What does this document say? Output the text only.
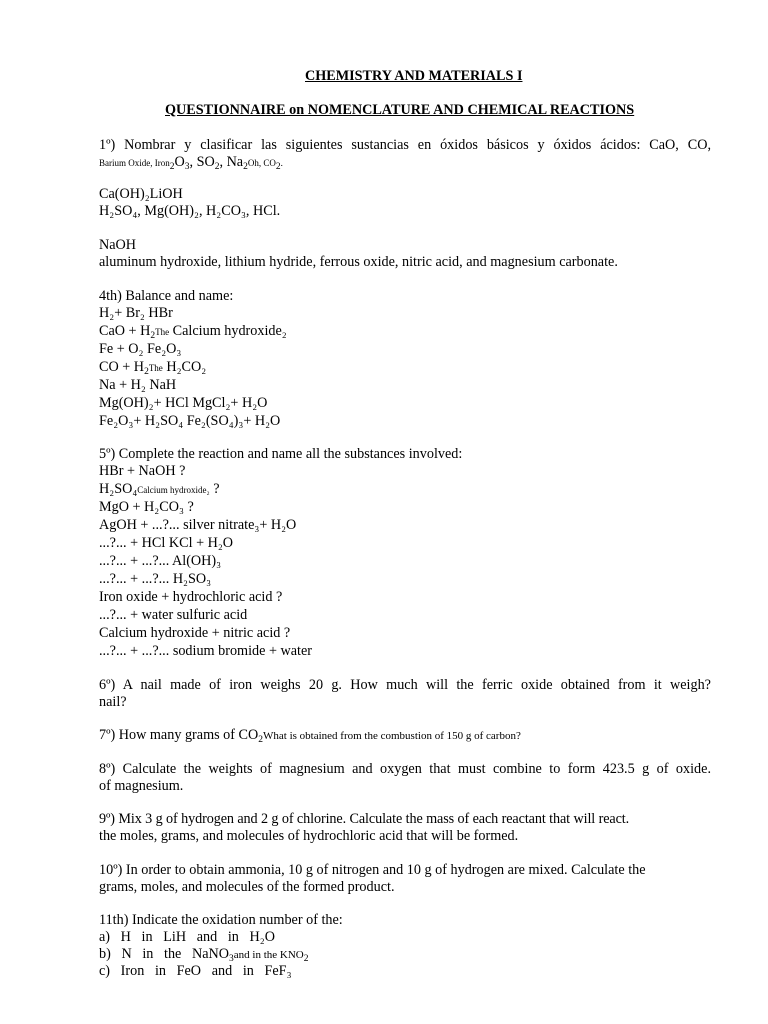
CHEMISTRY AND MATERIALS I
QUESTIONNAIRE on NOMENCLATURE AND CHEMICAL REACTIONS
1º) Nombrar y clasificar las siguientes sustancias en óxidos básicos y óxidos ácidos: CaO, CO,
Barium Oxide, $Iron_2O_3$, $SO_2$, $Na_2Oh$, $CO_2$.
Ca(OH)₂LiOH
H₂SO₄, Mg(OH)₂, H₂CO₃, HCl.
NaOH
aluminum hydroxide, lithium hydride, ferrous oxide, nitric acid, and magnesium carbonate.
4th) Balance and name:
H₂+ Br₂ HBr
CaO + $H_2The$ Calcium hydroxide₂
Fe + O₂ Fe₂O₃
CO + $H_2The$ H₂CO₂
Na + H₂ NaH
Mg(OH)₂+ HCl MgCl₂+ H₂O
Fe₂O₃+ H₂SO₄ Fe₂(SO₄)₃+ H₂O
5º) Complete the reaction and name all the substances involved:
HBr + NaOH ?
H₂SO₄Calcium hydroxide₂ ?
MgO + H₂CO₃ ?
AgOH + ...?... silver nitrate₃+ H₂O
...?... + HCl KCl + H₂O
...?... + ...?... Al(OH)₃
...?... + ...?... H₂SO₃
Iron oxide + hydrochloric acid ?
...?... + water sulfuric acid
Calcium hydroxide + nitric acid ?
...?... + ...?... sodium bromide + water
6º) A nail made of iron weighs 20 g. How much will the ferric oxide obtained from it weigh?
nail?
7º) How many grams of $CO_2What$ is obtained from the combustion of 150 g of carbon?
8º) Calculate the weights of magnesium and oxygen that must combine to form 423.5 g of oxide.
of magnesium.
9º) Mix 3 g of hydrogen and 2 g of chlorine. Calculate the mass of each reactant that will react.
the moles, grams, and molecules of hydrochloric acid that will be formed.
10º) In order to obtain ammonia, 10 g of nitrogen and 10 g of hydrogen are mixed. Calculate the
grams, moles, and molecules of the formed product.
11th) Indicate the oxidation number of the:
a)   H   in   LiH   and   in   H₂O
b)   N   in   the   NaNO$_3$and in the $KNO_2$
c)   Iron   in   FeO   and   in   FeF₃
